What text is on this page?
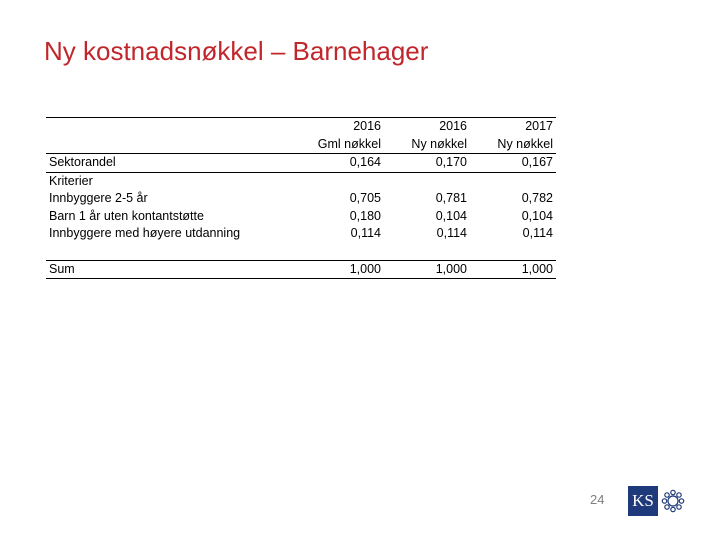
Ny kostnadsnøkkel – Barnehager
	2016	2016	2017
	Gml nøkkel	Ny nøkkel	Ny nøkkel
Sektorandel	0,164	0,170	0,167
Kriterier			
Innbyggere 2-5 år	0,705	0,781	0,782
Barn 1 år uten kontantstøtte	0,180	0,104	0,104
Innbyggere med høyere utdanning	0,114	0,114	0,114

Sum	1,000	1,000	1,000
24 KS
